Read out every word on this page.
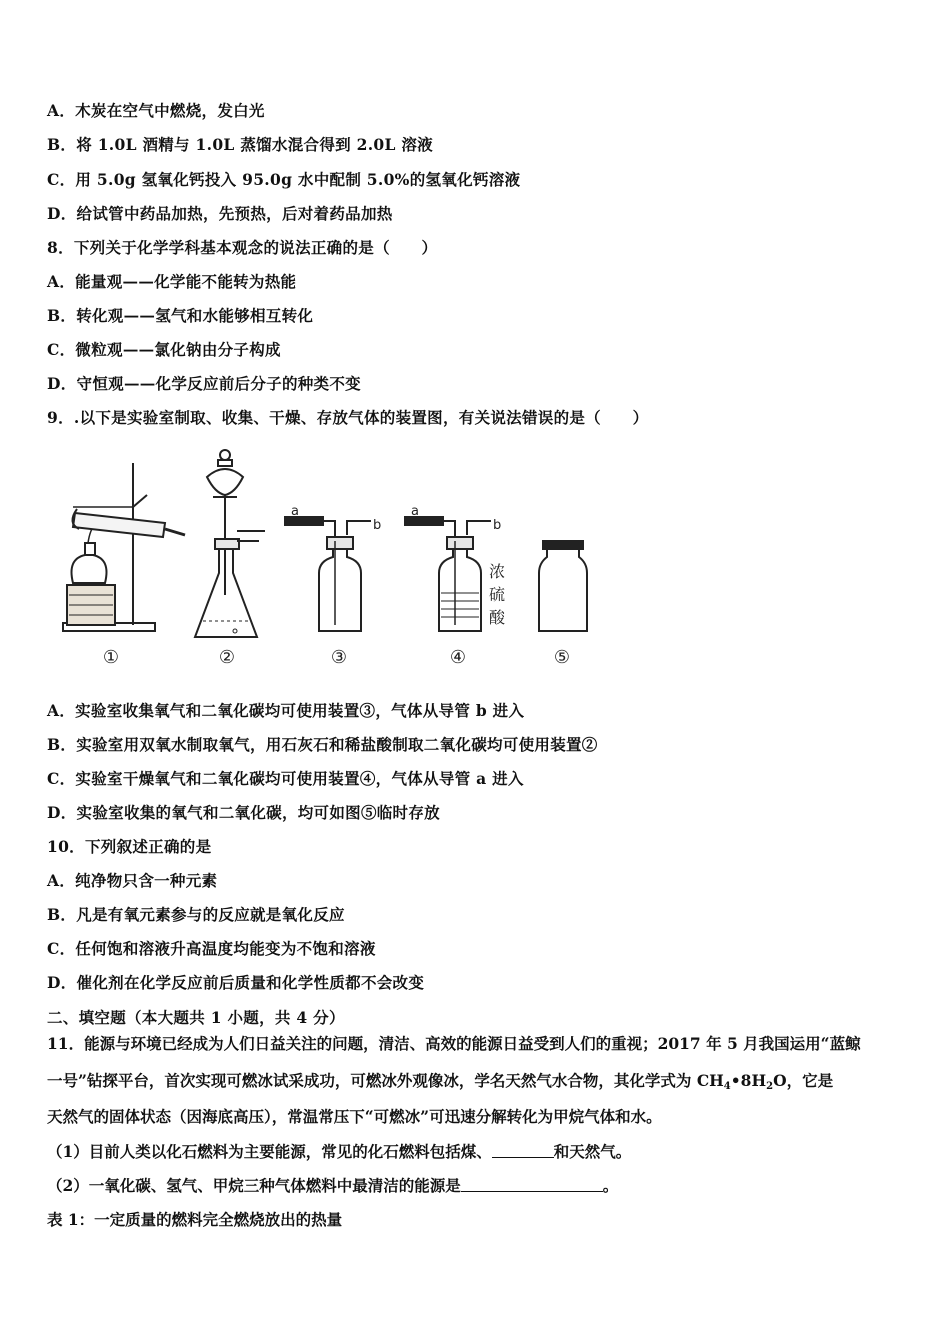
A．木炭在空气中燃烧，发白光
B．将 1.0L 酒精与 1.0L 蒸馏水混合得到 2.0L 溶液
C．用 5.0g 氢氧化钙投入 95.0g 水中配制 5.0%的氢氧化钙溶液
D．给试管中药品加热，先预热，后对着药品加热
8．下列关于化学学科基本观念的说法正确的是（　　）
A．能量观——化学能不能转为热能
B．转化观——氢气和水能够相互转化
C．微粒观——氯化钠由分子构成
D．守恒观——化学反应前后分子的种类不变
9．.以下是实验室制取、收集、干燥、存放气体的装置图，有关说法错误的是（　　）
a
b
a
b
浓
硫
酸
①	②	③	④	⑤
A．实验室收集氧气和二氧化碳均可使用装置③，气体从导管 b 进入
B．实验室用双氧水制取氧气，用石灰石和稀盐酸制取二氧化碳均可使用装置②
C．实验室干燥氧气和二氧化碳均可使用装置④，气体从导管 a 进入
D．实验室收集的氧气和二氧化碳，均可如图⑤临时存放
10．下列叙述正确的是
A．纯净物只含一种元素
B．凡是有氧元素参与的反应就是氧化反应
C．任何饱和溶液升高温度均能变为不饱和溶液
D．催化剂在化学反应前后质量和化学性质都不会改变
二、填空题（本大题共 1 小题，共 4 分）
11．能源与环境已经成为人们日益关注的问题，清洁、高效的能源日益受到人们的重视；2017 年 5 月我国运用“蓝鲸
一号”钻探平台，首次实现可燃冰试采成功，可燃冰外观像冰，学名天然气水合物，其化学式为 $CH_4•8H_2O$，它是
天然气的固体状态（因海底高压），常温常压下“可燃冰”可迅速分解转化为甲烷气体和水。
（1）目前人类以化石燃料为主要能源，常见的化石燃料包括煤、	和天然气。
（2）一氧化碳、氢气、甲烷三种气体燃料中最清洁的能源是	。
表 1：一定质量的燃料完全燃烧放出的热量
